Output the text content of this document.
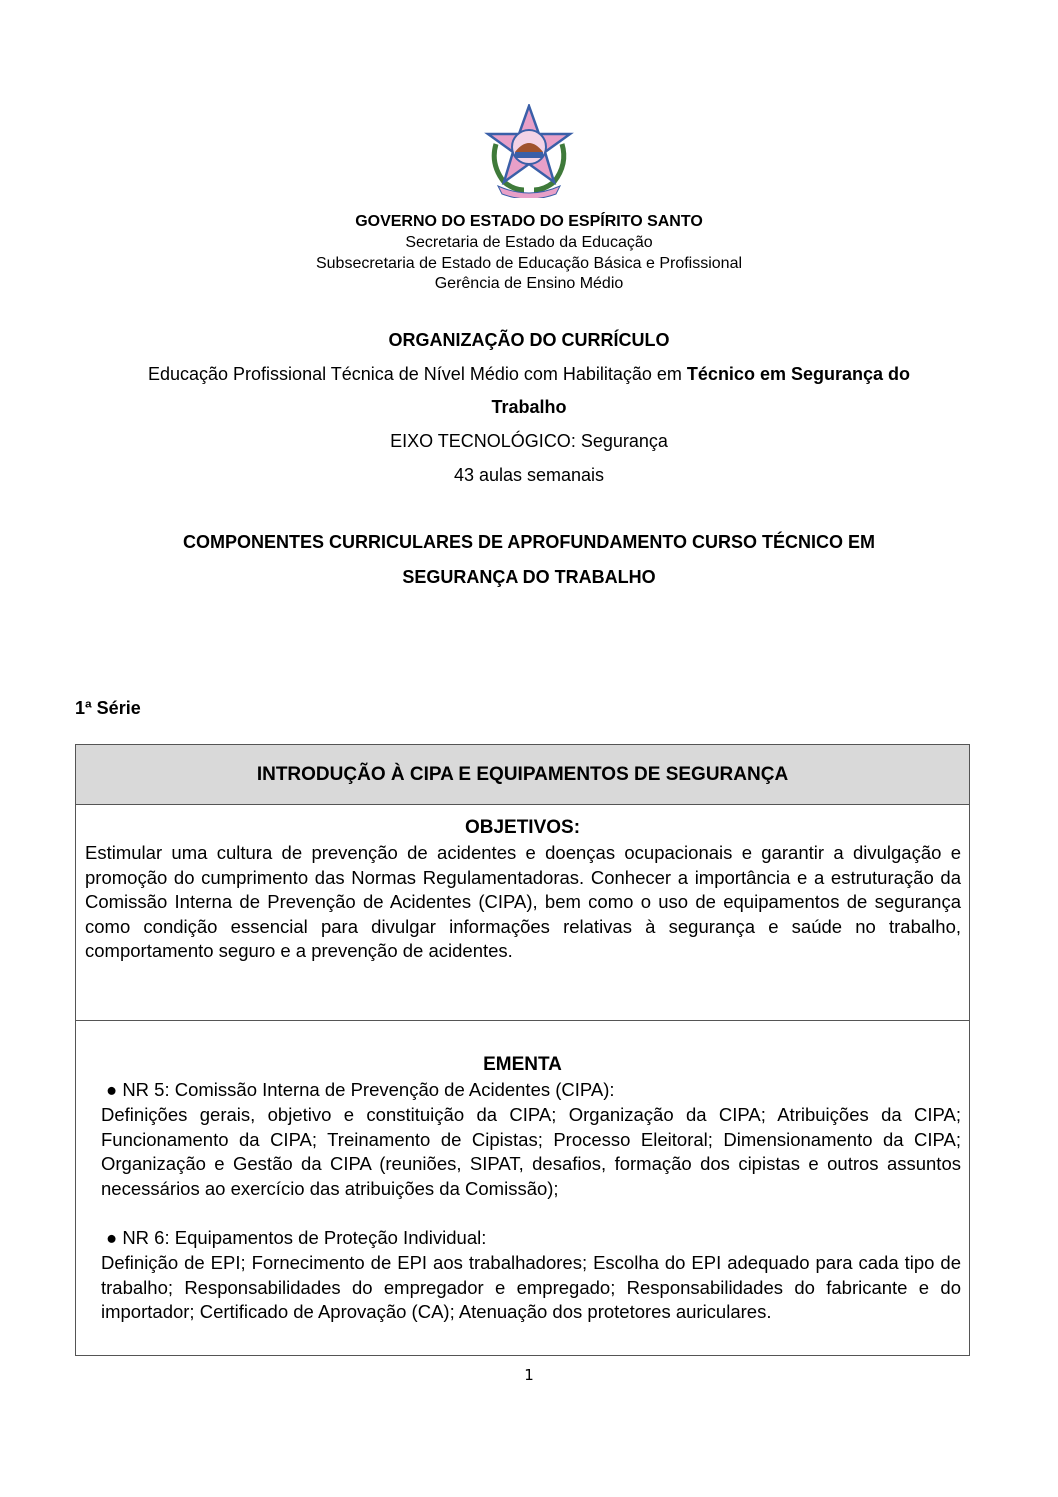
GOVERNO DO ESTADO DO ESPÍRITO SANTO
Secretaria de Estado da Educação
Subsecretaria de Estado de Educação Básica e Profissional
Gerência de Ensino Médio
ORGANIZAÇÃO DO CURRÍCULO
Educação Profissional Técnica de Nível Médio com Habilitação em Técnico em Segurança do
Trabalho
EIXO TECNOLÓGICO: Segurança
43 aulas semanais
COMPONENTES CURRICULARES DE APROFUNDAMENTO CURSO TÉCNICO EM
SEGURANÇA DO TRABALHO
1ª Série
INTRODUÇÃO À CIPA E EQUIPAMENTOS DE SEGURANÇA
OBJETIVOS:
Estimular uma cultura de prevenção de acidentes e doenças ocupacionais e garantir a divulgação e promoção do cumprimento das Normas Regulamentadoras. Conhecer a importância e a estruturação da Comissão Interna de Prevenção de Acidentes (CIPA), bem como o uso de equipamentos de segurança como condição essencial para divulgar informações relativas à segurança e saúde no trabalho, comportamento seguro e a prevenção de acidentes.
EMENTA
● NR 5: Comissão Interna de Prevenção de Acidentes (CIPA):
Definições gerais, objetivo e constituição da CIPA; Organização da CIPA; Atribuições da CIPA; Funcionamento da CIPA; Treinamento de Cipistas; Processo Eleitoral; Dimensionamento da CIPA; Organização e Gestão da CIPA (reuniões, SIPAT, desafios, formação dos cipistas e outros assuntos necessários ao exercício das atribuições da Comissão);
● NR 6: Equipamentos de Proteção Individual:
Definição de EPI; Fornecimento de EPI aos trabalhadores; Escolha do EPI adequado para cada tipo de trabalho; Responsabilidades do empregador e empregado; Responsabilidades do fabricante e do importador; Certificado de Aprovação (CA); Atenuação dos protetores auriculares.
1
